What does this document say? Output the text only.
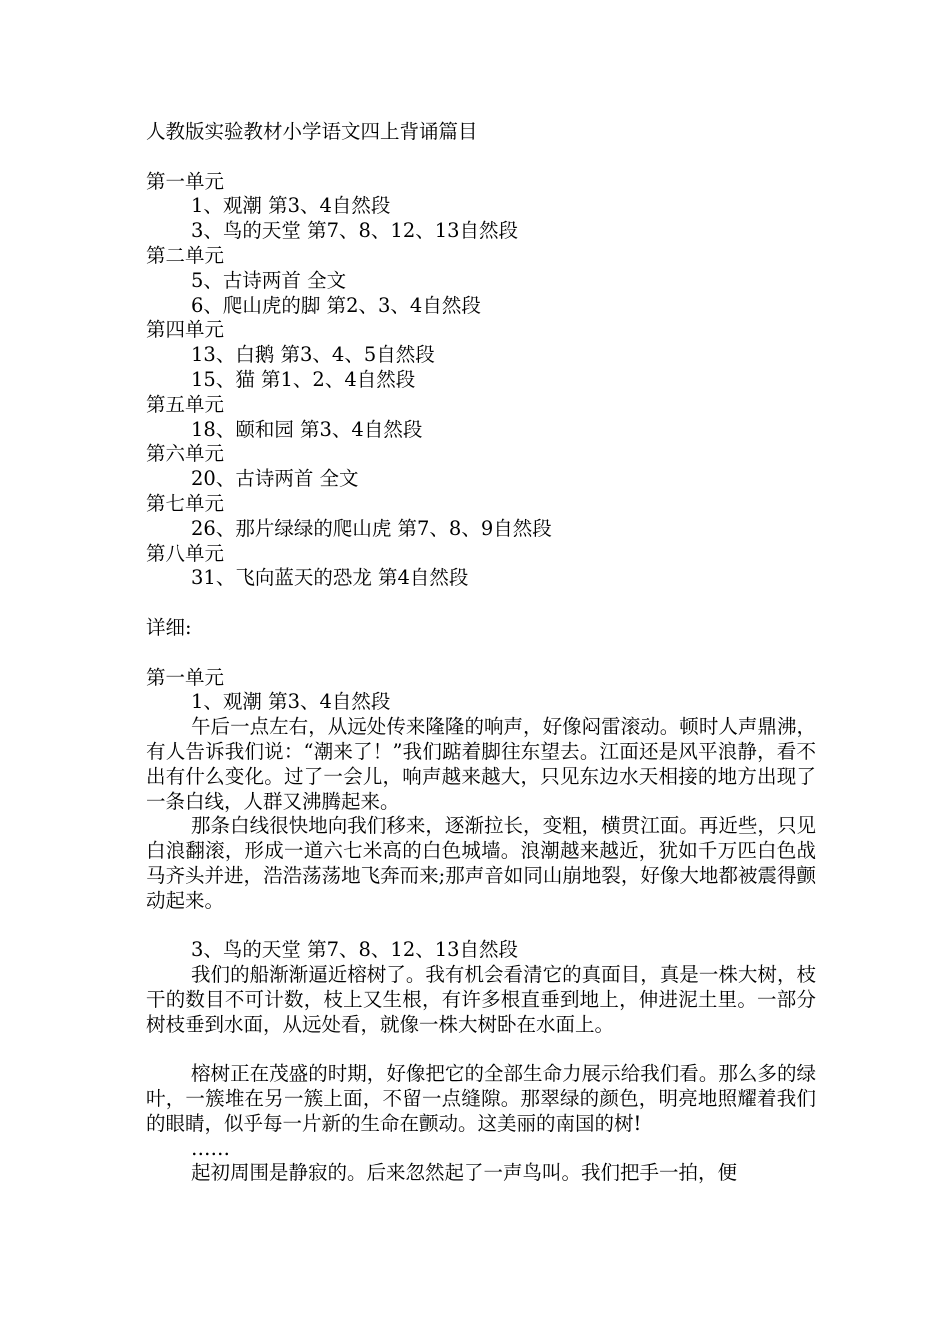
人教版实验教材小学语文四上背诵篇目

第一单元

1、观潮 第3、4自然段

3、鸟的天堂 第7、8、12、13自然段

第二单元

5、古诗两首 全文

6、爬山虎的脚 第2、3、4自然段

第四单元

13、白鹅 第3、4、5自然段

15、猫 第1、2、4自然段

第五单元

18、颐和园 第3、4自然段

第六单元

20、古诗两首 全文

第七单元

26、那片绿绿的爬山虎 第7、8、9自然段

第八单元

31、飞向蓝天的恐龙 第4自然段

详细:

第一单元

1、观潮 第3、4自然段

午后一点左右，从远处传来隆隆的响声，好像闷雷滚动。顿时人声鼎沸，有人告诉我们说：“潮来了！”我们踮着脚往东望去。江面还是风平浪静，看不出有什么变化。过了一会儿，响声越来越大，只见东边水天相接的地方出现了一条白线，人群又沸腾起来。

那条白线很快地向我们移来，逐渐拉长，变粗，横贯江面。再近些，只见白浪翻滚，形成一道六七米高的白色城墙。浪潮越来越近，犹如千万匹白色战马齐头并进，浩浩荡荡地飞奔而来;那声音如同山崩地裂，好像大地都被震得颤动起来。

3、鸟的天堂 第7、8、12、13自然段

我们的船渐渐逼近榕树了。我有机会看清它的真面目，真是一株大树，枝干的数目不可计数，枝上又生根，有许多根直垂到地上，伸进泥土里。一部分树枝垂到水面，从远处看，就像一株大树卧在水面上。

榕树正在茂盛的时期，好像把它的全部生命力展示给我们看。那么多的绿叶，一簇堆在另一簇上面，不留一点缝隙。那翠绿的颜色，明亮地照耀着我们的眼睛，似乎每一片新的生命在颤动。这美丽的南国的树!

……

起初周围是静寂的。后来忽然起了一声鸟叫。我们把手一拍，便
